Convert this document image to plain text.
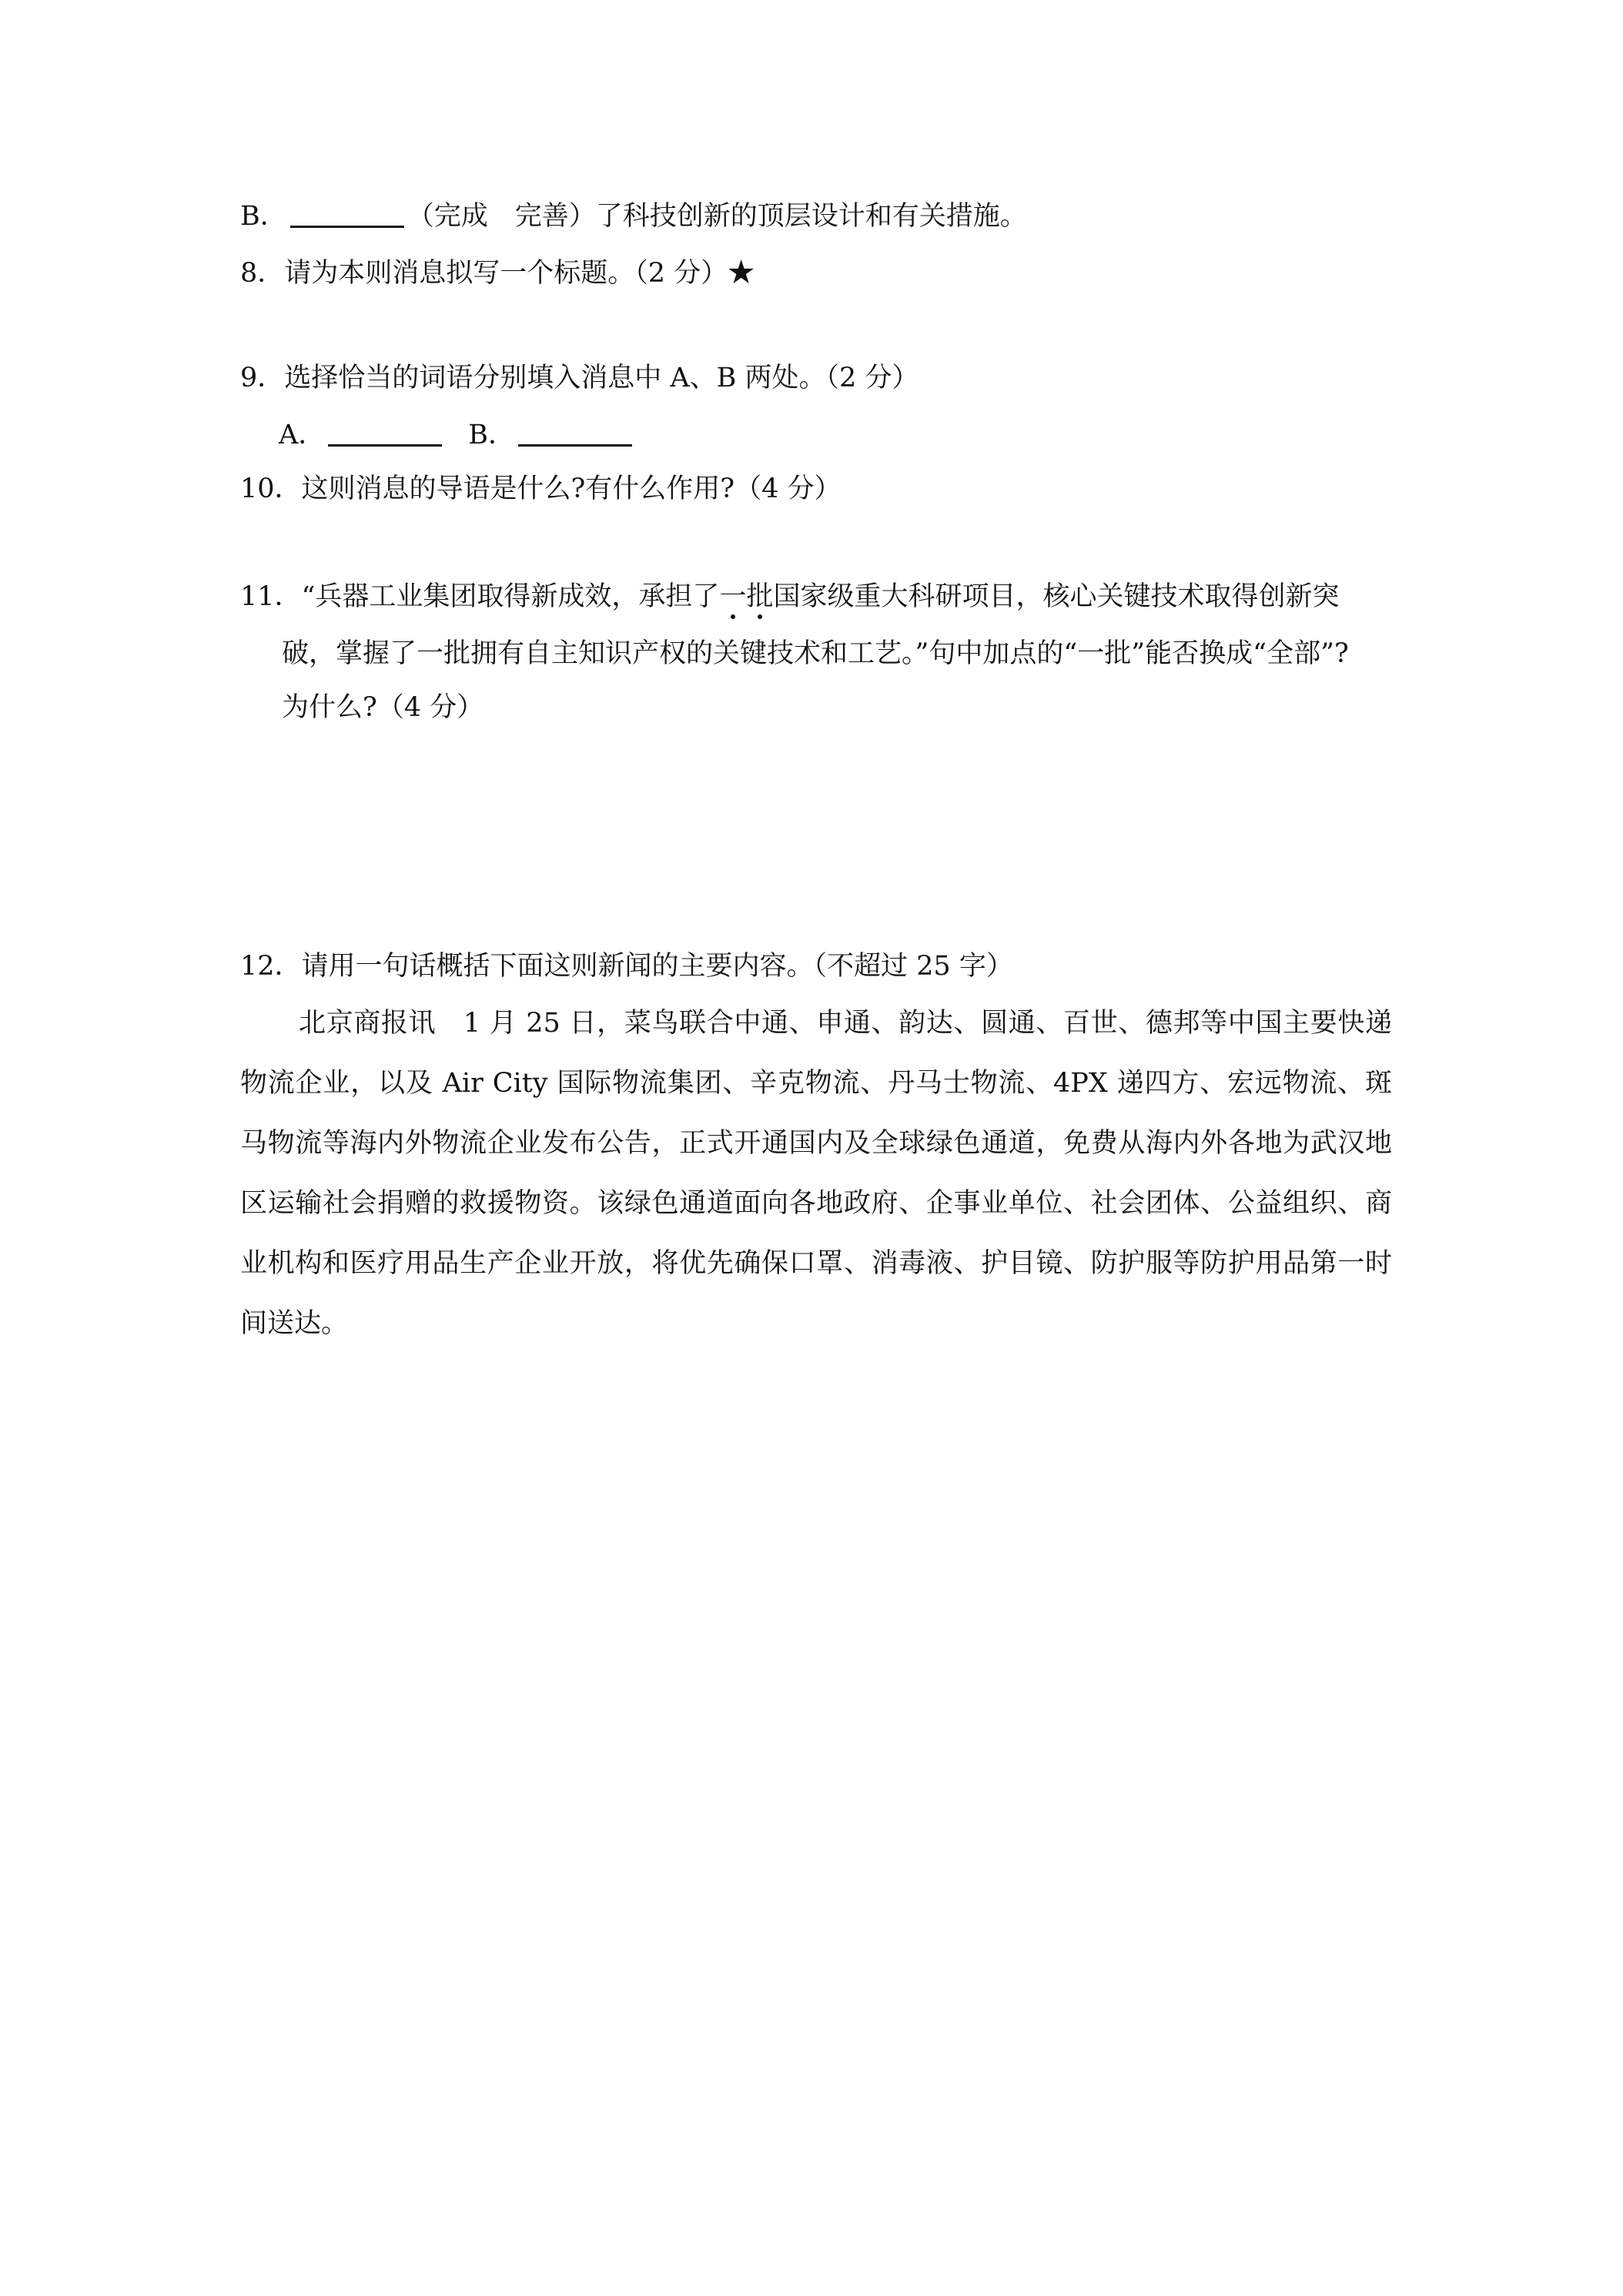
B．	（完成　完善）了科技创新的顶层设计和有关措施。
8．请为本则消息拟写一个标题。（2 分）★
9．选择恰当的词语分别填入消息中 A、B 两处。（2 分）
A．	B．
10．这则消息的导语是什么?有什么作用?（4 分）
11．“兵器工业集团取得新成效，承担了一批国家级重大科研项目，核心关键技术取得创新突
破，掌握了一批拥有自主知识产权的关键技术和工艺。”句中加点的“一批”能否换成“全部”?
为什么?（4 分）
12．请用一句话概括下面这则新闻的主要内容。（不超过 25 字）
北京商报讯　1 月 25 日，菜鸟联合中通、申通、韵达、圆通、百世、德邦等中国主要快递物流企业，以及 Air City 国际物流集团、辛克物流、丹马士物流、4PX 递四方、宏远物流、斑马物流等海内外物流企业发布公告，正式开通国内及全球绿色通道，免费从海内外各地为武汉地区运输社会捐赠的救援物资。该绿色通道面向各地政府、企事业单位、社会团体、公益组织、商业机构和医疗用品生产企业开放，将优先确保口罩、消毒液、护目镜、防护服等防护用品第一时间送达。
